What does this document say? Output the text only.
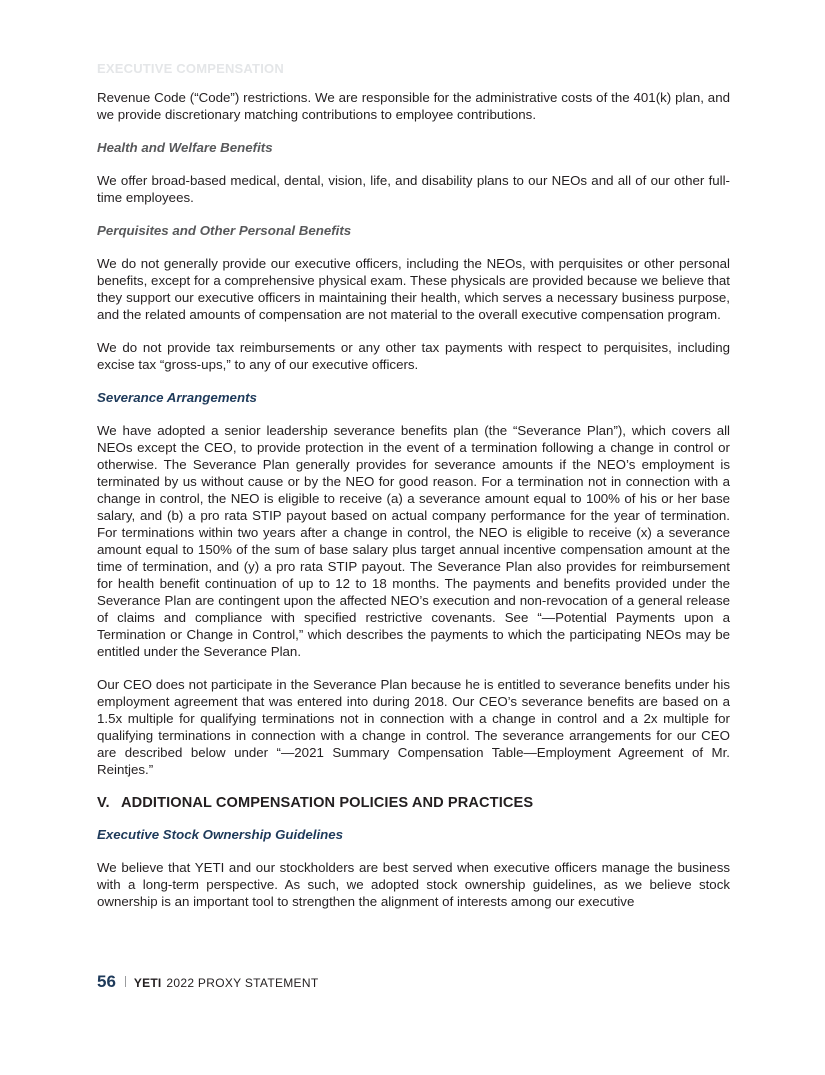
EXECUTIVE COMPENSATION

Revenue Code (“Code”) restrictions. We are responsible for the administrative costs of the 401(k) plan, and we provide discretionary matching contributions to employee contributions.

Health and Welfare Benefits

We offer broad-based medical, dental, vision, life, and disability plans to our NEOs and all of our other full-time employees.

Perquisites and Other Personal Benefits

We do not generally provide our executive officers, including the NEOs, with perquisites or other personal benefits, except for a comprehensive physical exam. These physicals are provided because we believe that they support our executive officers in maintaining their health, which serves a necessary business purpose, and the related amounts of compensation are not material to the overall executive compensation program.

We do not provide tax reimbursements or any other tax payments with respect to perquisites, including excise tax “gross-ups,” to any of our executive officers.

Severance Arrangements

We have adopted a senior leadership severance benefits plan (the “Severance Plan”), which covers all NEOs except the CEO, to provide protection in the event of a termination following a change in control or otherwise. The Severance Plan generally provides for severance amounts if the NEO’s employment is terminated by us without cause or by the NEO for good reason. For a termination not in connection with a change in control, the NEO is eligible to receive (a) a severance amount equal to 100% of his or her base salary, and (b) a pro rata STIP payout based on actual company performance for the year of termination. For terminations within two years after a change in control, the NEO is eligible to receive (x) a severance amount equal to 150% of the sum of base salary plus target annual incentive compensation amount at the time of termination, and (y) a pro rata STIP payout. The Severance Plan also provides for reimbursement for health benefit continuation of up to 12 to 18 months. The payments and benefits provided under the Severance Plan are contingent upon the affected NEO’s execution and non-revocation of a general release of claims and compliance with specified restrictive covenants. See “—Potential Payments upon a Termination or Change in Control,” which describes the payments to which the participating NEOs may be entitled under the Severance Plan.

Our CEO does not participate in the Severance Plan because he is entitled to severance benefits under his employment agreement that was entered into during 2018. Our CEO’s severance benefits are based on a 1.5x multiple for qualifying terminations not in connection with a change in control and a 2x multiple for qualifying terminations in connection with a change in control. The severance arrangements for our CEO are described below under “—2021 Summary Compensation Table—Employment Agreement of Mr. Reintjes.”

V. ADDITIONAL COMPENSATION POLICIES AND PRACTICES
Executive Stock Ownership Guidelines

We believe that YETI and our stockholders are best served when executive officers manage the business with a long-term perspective. As such, we adopted stock ownership guidelines, as we believe stock ownership is an important tool to strengthen the alignment of interests among our executive

56 YETI 2022 PROXY STATEMENT
